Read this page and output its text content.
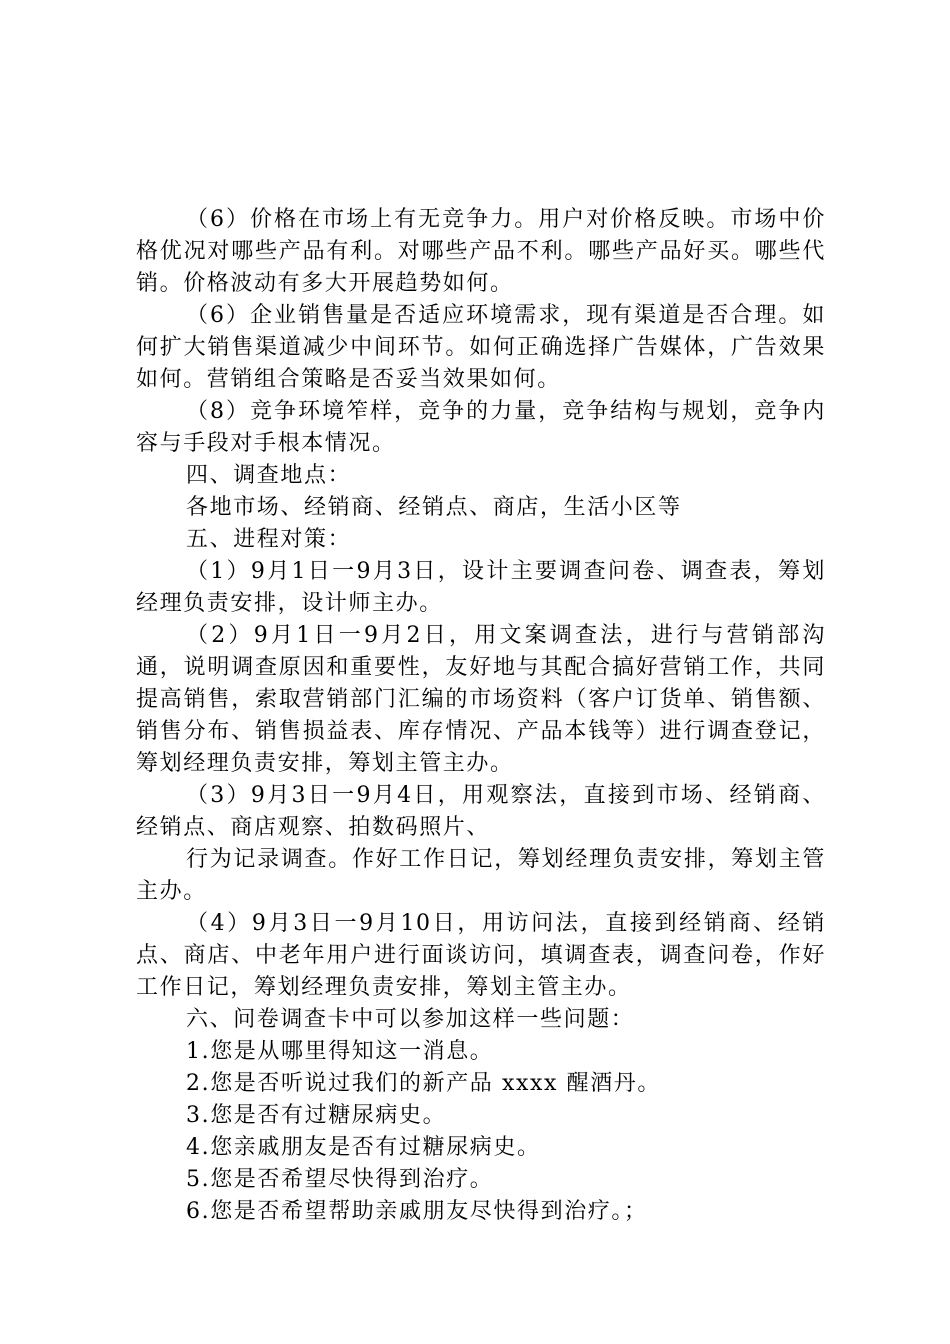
（6）价格在市场上有无竞争力。用户对价格反映。市场中价格优况对哪些产品有利。对哪些产品不利。哪些产品好买。哪些代销。价格波动有多大开展趋势如何。

（6）企业销售量是否适应环境需求，现有渠道是否合理。如何扩大销售渠道减少中间环节。如何正确选择广告媒体，广告效果如何。营销组合策略是否妥当效果如何。

（8）竞争环境笮样，竞争的力量，竞争结构与规划，竞争内容与手段对手根本情况。

四、调查地点：

各地市场、经销商、经销点、商店，生活小区等

五、进程对策：

（1）9月1日一9月3日，设计主要调查问卷、调查表，筹划经理负责安排，设计师主办。

（2）9月1日一9月2日，用文案调查法，进行与营销部沟通，说明调查原因和重要性，友好地与其配合搞好营销工作，共同提高销售，索取营销部门汇编的市场资料（客户订货单、销售额、销售分布、销售损益表、库存情况、产品本钱等）进行调查登记，筹划经理负责安排，筹划主管主办。

（3）9月3日一9月4日，用观察法，直接到市场、经销商、经销点、商店观察、拍数码照片、

行为记录调查。作好工作日记，筹划经理负责安排，筹划主管主办。

（4）9月3日一9月10日，用访问法，直接到经销商、经销点、商店、中老年用户进行面谈访问，填调查表，调查问卷，作好工作日记，筹划经理负责安排，筹划主管主办。

六、问卷调查卡中可以参加这样一些问题：

1.您是从哪里得知这一消息。

2.您是否听说过我们的新产品 xxxx 醒酒丹。

3.您是否有过糖尿病史。

4.您亲戚朋友是否有过糖尿病史。

5.您是否希望尽快得到治疗。

6.您是否希望帮助亲戚朋友尽快得到治疗。；
